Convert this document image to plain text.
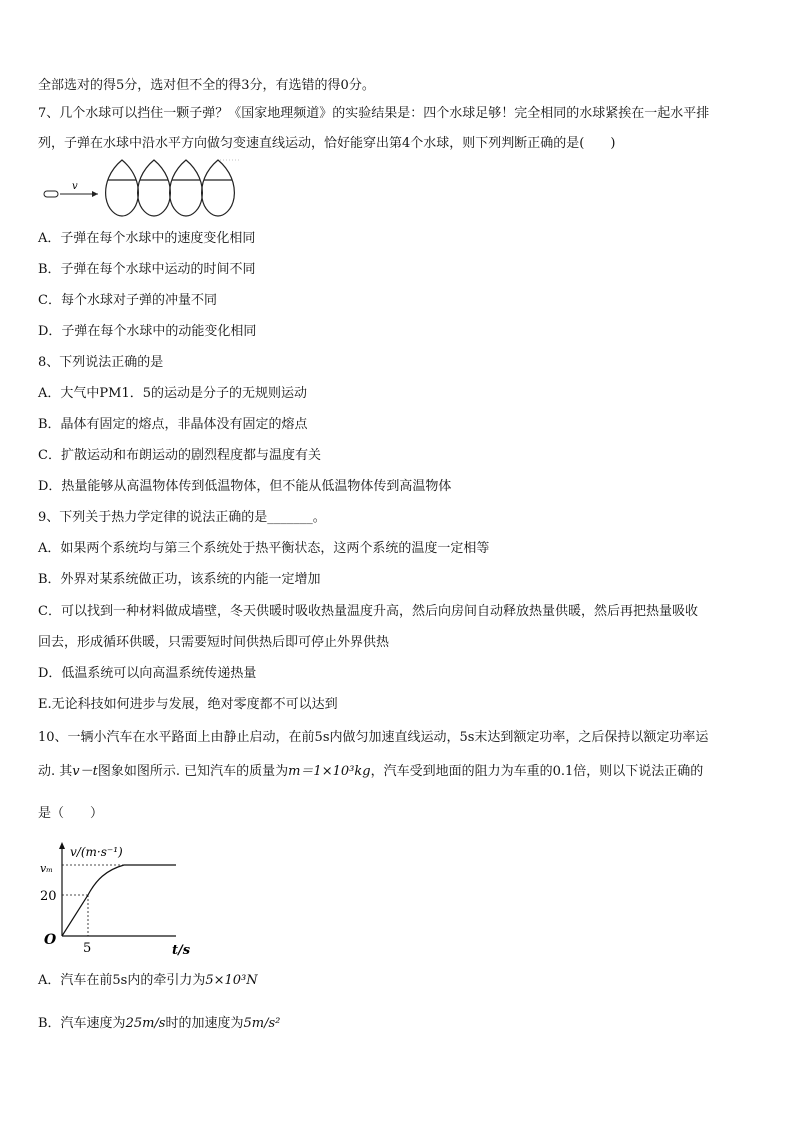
全部选对的得5分，选对但不全的得3分，有选错的得0分。
7、几个水球可以挡住一颗子弹？《国家地理频道》的实验结果是：四个水球足够！完全相同的水球紧挨在一起水平排
列，子弹在水球中沿水平方向做匀变速直线运动，恰好能穿出第4个水球，则下列判断正确的是(　　)
v
A．子弹在每个水球中的速度变化相同
B．子弹在每个水球中运动的时间不同
C．每个水球对子弹的冲量不同
D．子弹在每个水球中的动能变化相同
8、下列说法正确的是
A．大气中PM1．5的运动是分子的无规则运动
B．晶体有固定的熔点，非晶体没有固定的熔点
C．扩散运动和布朗运动的剧烈程度都与温度有关
D．热量能够从高温物体传到低温物体，但不能从低温物体传到高温物体
9、下列关于热力学定律的说法正确的是_______。
A．如果两个系统均与第三个系统处于热平衡状态，这两个系统的温度一定相等
B．外界对某系统做正功，该系统的内能一定增加
C．可以找到一种材料做成墙壁，冬天供暖时吸收热量温度升高，然后向房间自动释放热量供暖，然后再把热量吸收
回去，形成循环供暖，只需要短时间供热后即可停止外界供热
D．低温系统可以向高温系统传递热量
E.无论科技如何进步与发展，绝对零度都不可以达到
10、一辆小汽车在水平路面上由静止启动，在前5s内做匀加速直线运动，5s末达到额定功率，之后保持以额定功率运
动. 其v－t图象如图所示. 已知汽车的质量为m＝1×10³kg，汽车受到地面的阻力为车重的0.1倍，则以下说法正确的
是（　　）
v/(m·s⁻¹)
t/s
O
vₘ
20
5
A．汽车在前5s内的牵引力为5×10³N
B．汽车速度为25m/s时的加速度为5m/s²
